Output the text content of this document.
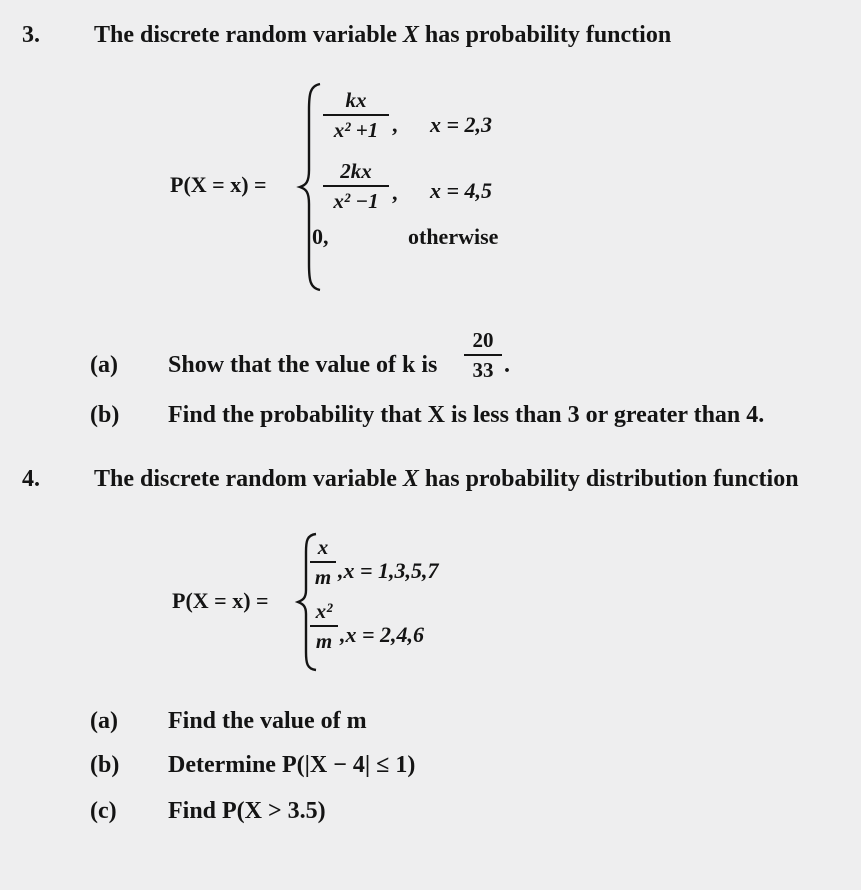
3. The discrete random variable X has probability function
P(X = x) =
kx
x² +1 , x = 2,3
2kx
x² −1 , x = 4,5
0,	otherwise
(a) Show that the value of k is
20
33 .
(b) Find the probability that X is less than 3 or greater than 4.
4. The discrete random variable X has probability distribution function
P(X = x) =
x
m ,x = 1,3,5,7
x²
m ,x = 2,4,6
(a) Find the value of m
(b) Determine P(|X − 4| ≤ 1)
(c) Find P(X > 3.5)
